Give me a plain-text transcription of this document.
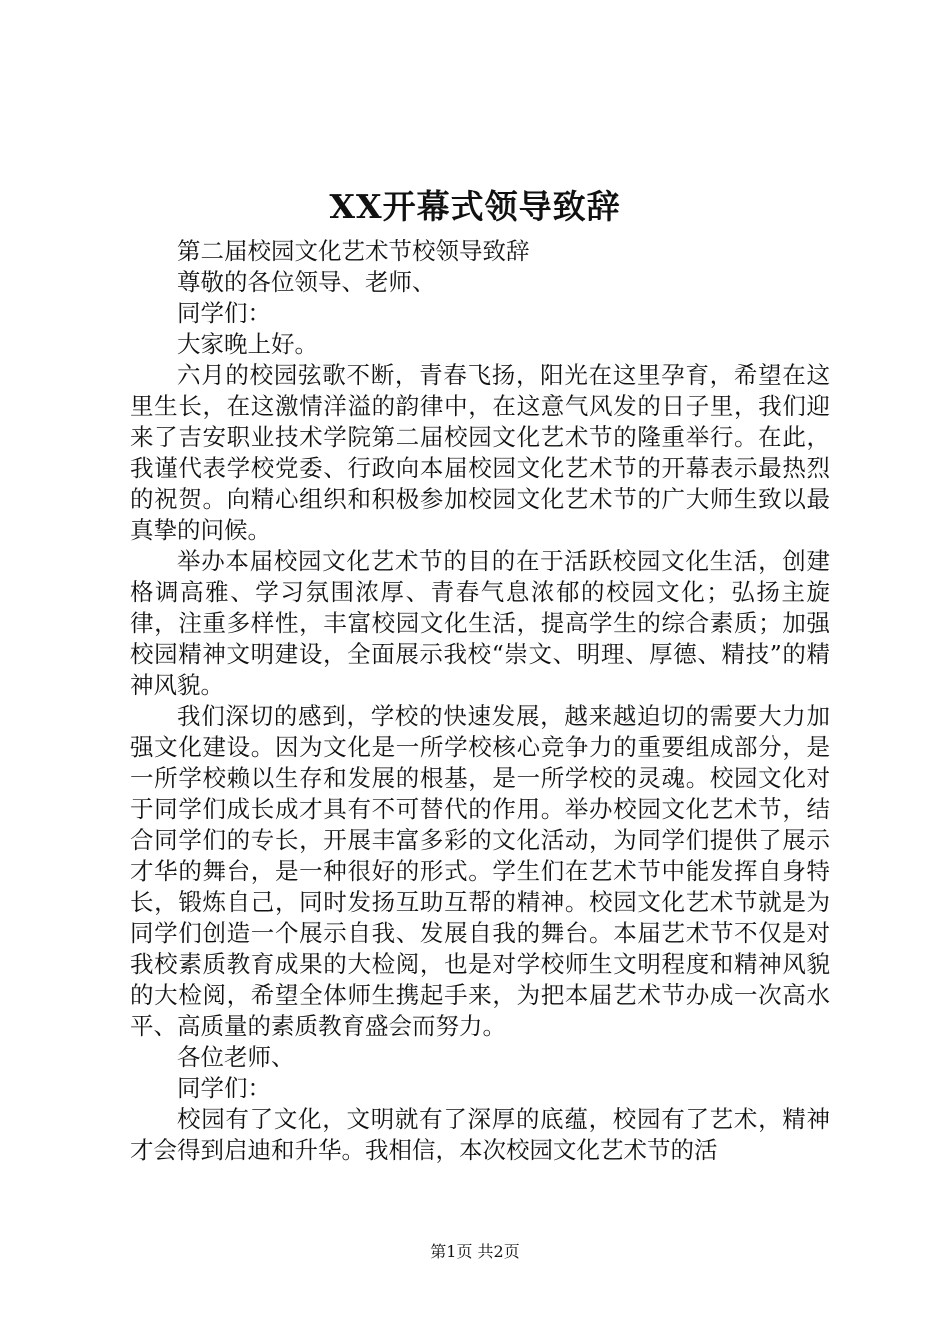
XX开幕式领导致辞

第二届校园文化艺术节校领导致辞

尊敬的各位领导、老师、

同学们：

大家晚上好。

六月的校园弦歌不断，青春飞扬，阳光在这里孕育，希望在这里生长，在这激情洋溢的韵律中，在这意气风发的日子里，我们迎来了吉安职业技术学院第二届校园文化艺术节的隆重举行。在此，我谨代表学校党委、行政向本届校园文化艺术节的开幕表示最热烈的祝贺。向精心组织和积极参加校园文化艺术节的广大师生致以最真挚的问候。

举办本届校园文化艺术节的目的在于活跃校园文化生活，创建格调高雅、学习氛围浓厚、青春气息浓郁的校园文化；弘扬主旋律，注重多样性，丰富校园文化生活，提高学生的综合素质；加强校园精神文明建设，全面展示我校“崇文、明理、厚德、精技”的精神风貌。

我们深切的感到，学校的快速发展，越来越迫切的需要大力加强文化建设。因为文化是一所学校核心竞争力的重要组成部分，是一所学校赖以生存和发展的根基，是一所学校的灵魂。校园文化对于同学们成长成才具有不可替代的作用。举办校园文化艺术节，结合同学们的专长，开展丰富多彩的文化活动，为同学们提供了展示才华的舞台，是一种很好的形式。学生们在艺术节中能发挥自身特长，锻炼自己，同时发扬互助互帮的精神。校园文化艺术节就是为同学们创造一个展示自我、发展自我的舞台。本届艺术节不仅是对我校素质教育成果的大检阅，也是对学校师生文明程度和精神风貌的大检阅，希望全体师生携起手来，为把本届艺术节办成一次高水平、高质量的素质教育盛会而努力。

各位老师、

同学们：

校园有了文化，文明就有了深厚的底蕴，校园有了艺术，精神才会得到启迪和升华。我相信，本次校园文化艺术节的活

第1页 共2页
